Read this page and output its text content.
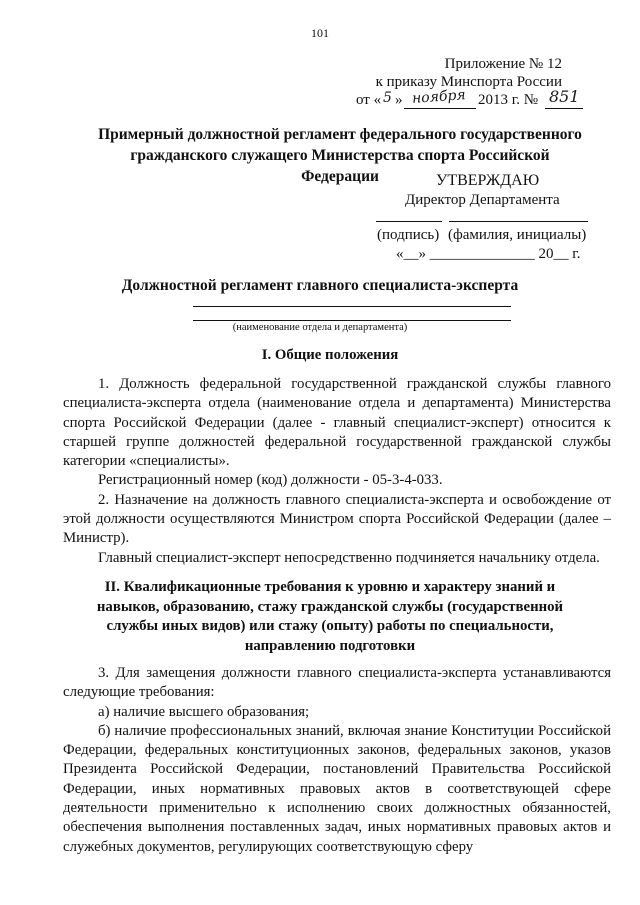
101
Приложение № 12
к приказу Минспорта России
от « 5 » ноября 2013 г. № 851
Примерный должностной регламент федерального государственного гражданского служащего Министерства спорта Российской Федерации	УТВЕРЖДАЮ
Директор Департамента
(подпись) (фамилия, инициалы)
«__» ______________ 20__ г.
Должностной регламент главного специалиста-эксперта
(наименование отдела и департамента)
I. Общие положения

1. Должность федеральной государственной гражданской службы главного специалиста-эксперта отдела (наименование отдела и департамента) Министерства спорта Российской Федерации (далее - главный специалист-эксперт) относится к старшей группе должностей федеральной государственной гражданской службы категории «специалисты».

Регистрационный номер (код) должности - 05-3-4-033.

2. Назначение на должность главного специалиста-эксперта и освобождение от этой должности осуществляются Министром спорта Российской Федерации (далее – Министр).

Главный специалист-эксперт непосредственно подчиняется начальнику отдела.

II. Квалификационные требования к уровню и характеру знаний и навыков, образованию, стажу гражданской службы (государственной службы иных видов) или стажу (опыту) работы по специальности, направлению подготовки

3. Для замещения должности главного специалиста-эксперта устанавливаются следующие требования:

а) наличие высшего образования;

б) наличие профессиональных знаний, включая знание Конституции Российской Федерации, федеральных конституционных законов, федеральных законов, указов Президента Российской Федерации, постановлений Правительства Российской Федерации, иных нормативных правовых актов в соответствующей сфере деятельности применительно к исполнению своих должностных обязанностей, обеспечения выполнения поставленных задач, иных нормативных правовых актов и служебных документов, регулирующих соответствующую сферу
